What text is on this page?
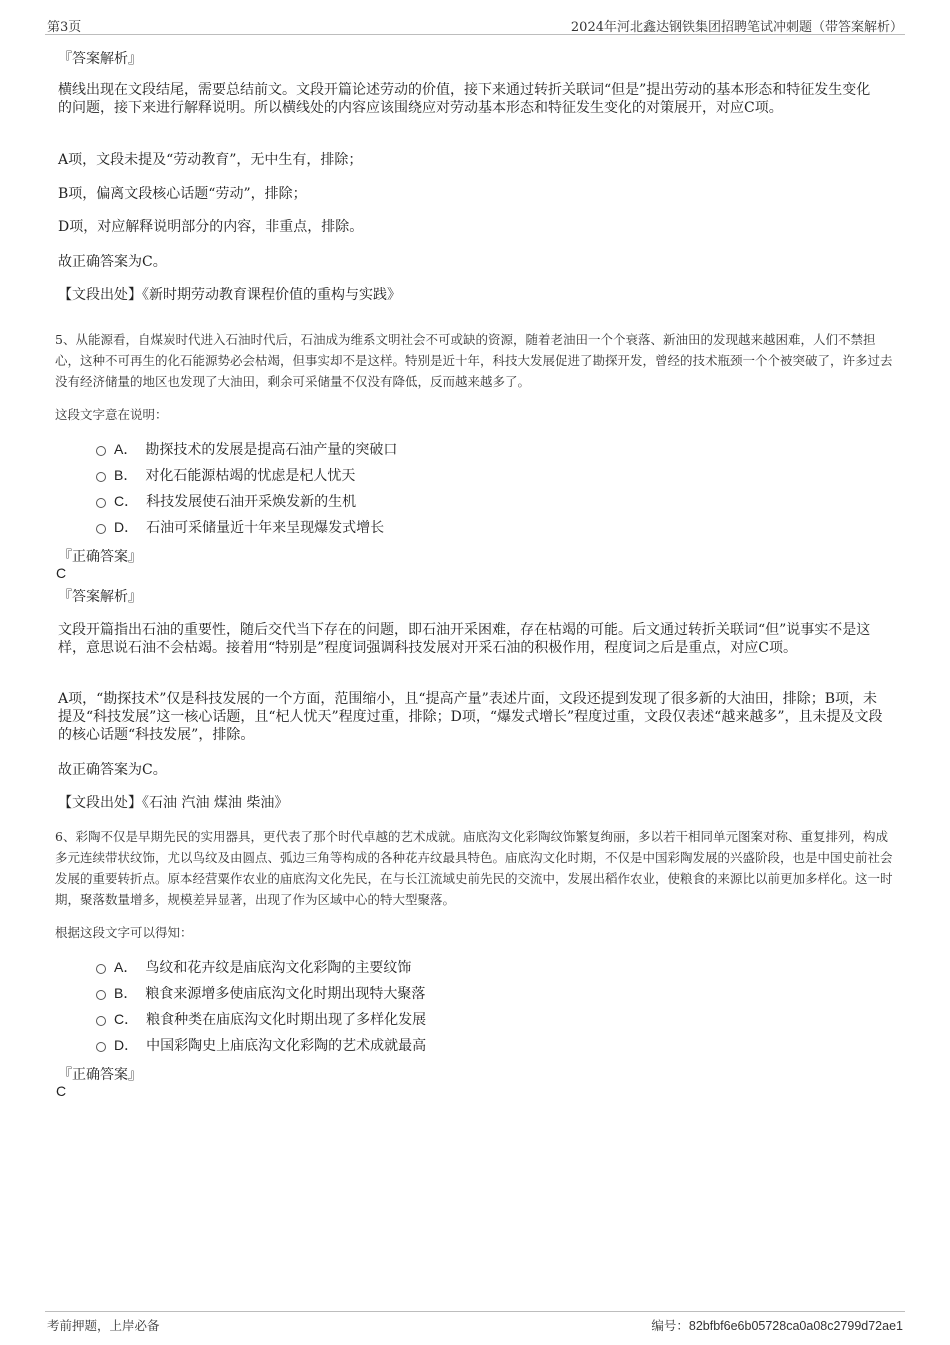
第3页	2024年河北鑫达钢铁集团招聘笔试冲刺题（带答案解析）
『答案解析』
横线出现在文段结尾，需要总结前文。文段开篇论述劳动的价值，接下来通过转折关联词“但是”提出劳动的基本形态和特征发生变化的问题，接下来进行解释说明。所以横线处的内容应该围绕应对劳动基本形态和特征发生变化的对策展开，对应C项。
A项，文段未提及“劳动教育”，无中生有，排除；
B项，偏离文段核心话题“劳动”，排除；
D项，对应解释说明部分的内容，非重点，排除。
故正确答案为C。
【文段出处】《新时期劳动教育课程价值的重构与实践》
5、从能源看，自煤炭时代进入石油时代后，石油成为维系文明社会不可或缺的资源，随着老油田一个个衰落、新油田的发现越来越困难，人们不禁担心，这种不可再生的化石能源势必会枯竭，但事实却不是这样。特别是近十年，科技大发展促进了勘探开发，曾经的技术瓶颈一个个被突破了，许多过去没有经济储量的地区也发现了大油田，剩余可采储量不仅没有降低，反而越来越多了。
这段文字意在说明：
A． 勘探技术的发展是提高石油产量的突破口
B． 对化石能源枯竭的忧虑是杞人忧天
C． 科技发展使石油开采焕发新的生机
D． 石油可采储量近十年来呈现爆发式增长
『正确答案』
C
『答案解析』
文段开篇指出石油的重要性，随后交代当下存在的问题，即石油开采困难，存在枯竭的可能。后文通过转折关联词“但”说事实不是这样，意思说石油不会枯竭。接着用“特别是”程度词强调科技发展对开采石油的积极作用，程度词之后是重点，对应C项。
A项，“勘探技术”仅是科技发展的一个方面，范围缩小，且“提高产量”表述片面，文段还提到发现了很多新的大油田，排除；B项，未提及“科技发展”这一核心话题，且“杞人忧天”程度过重，排除；D项，“爆发式增长”程度过重，文段仅表述“越来越多”，且未提及文段的核心话题“科技发展”，排除。
故正确答案为C。
【文段出处】《石油 汽油 煤油 柴油》
6、彩陶不仅是早期先民的实用器具，更代表了那个时代卓越的艺术成就。庙底沟文化彩陶纹饰繁复绚丽，多以若干相同单元图案对称、重复排列，构成多元连续带状纹饰，尤以鸟纹及由圆点、弧边三角等构成的各种花卉纹最具特色。庙底沟文化时期，不仅是中国彩陶发展的兴盛阶段，也是中国史前社会发展的重要转折点。原本经营粟作农业的庙底沟文化先民，在与长江流域史前先民的交流中，发展出稻作农业，使粮食的来源比以前更加多样化。这一时期，聚落数量增多，规模差异显著，出现了作为区域中心的特大型聚落。
根据这段文字可以得知：
A． 鸟纹和花卉纹是庙底沟文化彩陶的主要纹饰
B． 粮食来源增多使庙底沟文化时期出现特大聚落
C． 粮食种类在庙底沟文化时期出现了多样化发展
D． 中国彩陶史上庙底沟文化彩陶的艺术成就最高
『正确答案』
C
考前押题，上岸必备	编号：82bfbf6e6b05728ca0a08c2799d72ae1
